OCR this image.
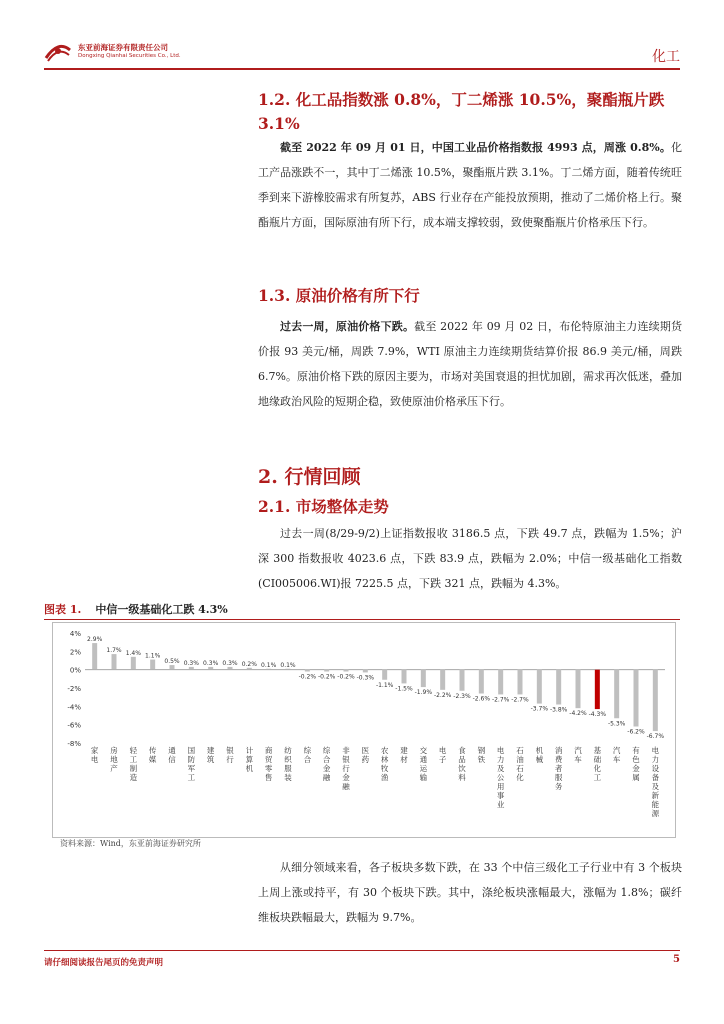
东亚前海证券有限责任公司
Dongxing Qianhai Securities Co., Ltd.	化工
1.2. 化工品指数涨 0.8%，丁二烯涨 10.5%，聚酯瓶片跌 3.1%
截至 2022 年 09 月 01 日，中国工业品价格指数报 4993 点，周涨 0.8%。化工产品涨跌不一，其中丁二烯涨 10.5%，聚酯瓶片跌 3.1%。丁二烯方面，随着传统旺季到来下游橡胶需求有所复苏，ABS 行业存在产能投放预期，推动了二烯价格上行。聚酯瓶片方面，国际原油有所下行，成本端支撑较弱，致使聚酯瓶片价格承压下行。
1.3. 原油价格有所下行
过去一周，原油价格下跌。截至 2022 年 09 月 02 日，布伦特原油主力连续期货价报 93 美元/桶，周跌 7.9%，WTI 原油主力连续期货结算价报 86.9 美元/桶，周跌 6.7%。原油价格下跌的原因主要为，市场对美国衰退的担忧加剧，需求再次低迷，叠加地缘政治风险的短期企稳，致使原油价格承压下行。
2. 行情回顾
2.1. 市场整体走势
过去一周(8/29-9/2)上证指数报收 3186.5 点，下跌 49.7 点，跌幅为 1.5%；沪深 300 指数报收 4023.6 点，下跌 83.9 点，跌幅为 2.0%；中信一级基础化工指数(CI005006.WI)报 7225.5 点，下跌 321 点，跌幅为 4.3%。
图表 1. 中信一级基础化工跌 4.3%
4%
2%
0%
-2%
-4%
-6%
-8%
2.9%
家
电
1.7%
房
地
产
1.4%
轻
工
制
造
1.1%
传
媒
0.5%
通
信
0.3%
国
防
军
工
0.3%
建
筑
0.3%
银
行
0.2%
计
算
机
0.1%
商
贸
零
售
0.1%
纺
织
服
装
-0.2%
综
合
-0.2%
综
合
金
融
-0.2%
非
银
行
金
融
-0.3%
医
药
-1.1%
农
林
牧
渔
-1.5%
建
材
-1.9%
交
通
运
输
-2.2%
电
子
-2.3%
食
品
饮
料
-2.6%
钢
铁
-2.7%
电
力
及
公
用
事
业
-2.7%
石
油
石
化
-3.7%
机
械
-3.8%
消
费
者
服
务
-4.2%
汽
车
-4.3%
基
础
化
工
-5.3%
汽
车
-6.2%
有
色
金
属
-6.7%
电
力
设
备
及
新
能
源
资料来源：Wind，东亚前海证券研究所
从细分领域来看，各子板块多数下跌，在 33 个中信三级化工子行业中有 3 个板块上周上涨或持平，有 30 个板块下跌。其中，涤纶板块涨幅最大，涨幅为 1.8%；碳纤维板块跌幅最大，跌幅为 9.7%。
请仔细阅读报告尾页的免责声明	5
